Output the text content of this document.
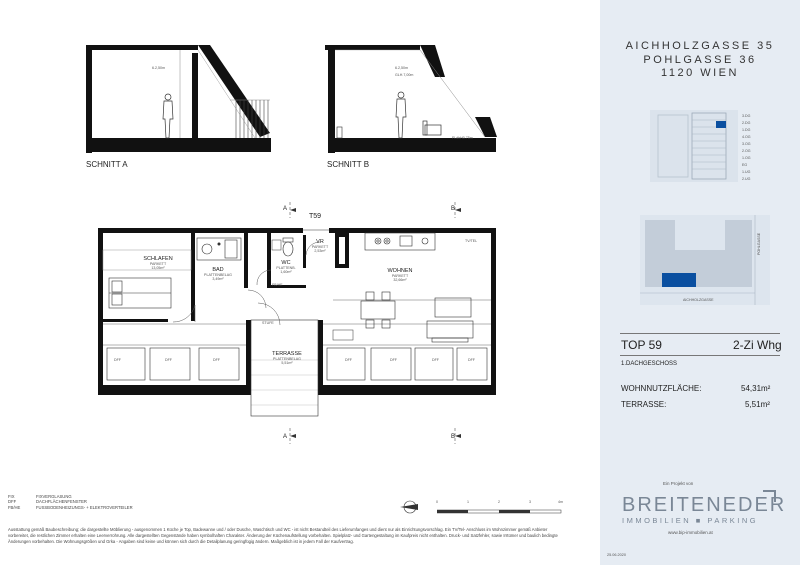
6.2,50m
SCHNITT A
6.2,50m
GLH.7,00m
FLdbH0.75m
SCHNITT B
A
A
B
B
T59
SCHLAFEN
PARKETT
13,05m²	BAD
PLATTENBELAG
3,49m²
WC
PLATTENB.
1,60m²
VR
PARKETT
2,53m²
WOHNEN
PARKETT
32,66m²
TERRASSE
PLATTENBELAG
5,51m²
STUFE
FB/HE
TV/TEL
DFF	DFF	DFF	DFF	DFF	DFF	DFF
FIX	FIXVERGLASUNG
DFF	DACHFLÄCHENFENSTER
FB/HE	FUSSBODENHEIZUNGS- + ELEKTROVERTEILER
0	1	2	3	4m
Ausstattung gemäß Baubeschreibung; die dargestellte Möblierung - ausgenommen 1 Küche je Top, Badewanne und / oder Dusche, Waschtisch und WC - ist nicht Bestandteil des Lieferumfanges und dient nur als Einrichtungsvorschlag. Ein TV/Tel- Anschluss im Wohnzimmer gemäß Anbieter vorbereitet, die restlichen Zimmer erhalten eine Leerverrohrung. Alle dargestellten Gegenstände haben symbolhaften Charakter. Änderung der Küchenaufstellung vorbehalten. Spielplatz- und Gartengestaltung im Kaufpreis nicht enthalten. Druck- und Satzfehler, sowie Irrtümer und baulich bedingte Änderungen vorbehalten. Die Wohnungsgrößen und Grka - Angaben sind keine und können sich durch die Detailplanung geringfügig ändern. Maßgeblich ist in jedem Fall der Kaufvertrag.
AICHHOLZGASSE 35
POHLGASSE 36
1120 WIEN
3.DG
2.DG
1.DG
4.OG
3.OG
2.OG
1.OG
EG
1.UG
2.UG
AICHHOLZGASSE
POHLGASSE
TOP 59	2-Zi Whg
1.DACHGESCHOSS
WOHNNUTZFLÄCHE:	54,31m²
TERRASSE:	5,51m²
Ein Projekt von
BREITENEDER
IMMOBILIEN ■ PARKING
www.bip-immobilien.at
25.06.2020
